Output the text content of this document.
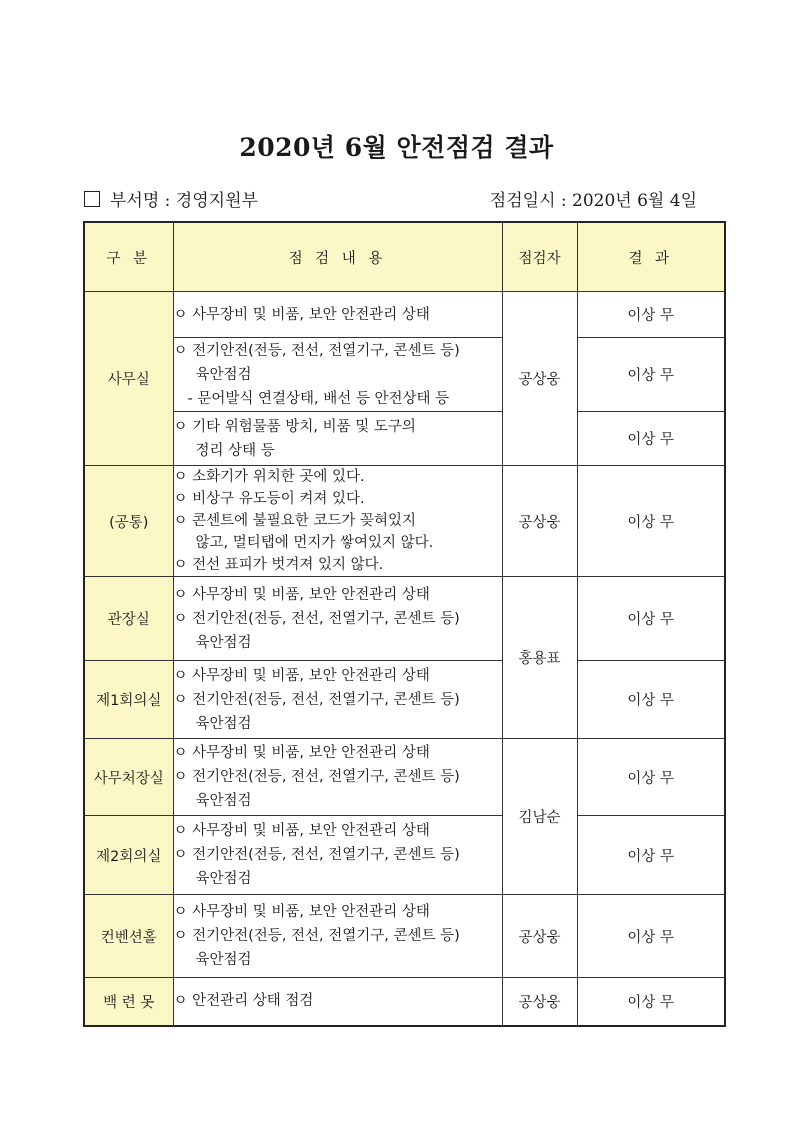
2020년 6월 안전점검 결과
부서명 : 경영지원부	점검일시 : 2020년 6월 4일
구 분	점 검 내 용	점검자	결 과
사무실	ㅇ 사무장비 및 비품, 보안 안전관리 상태	공상웅	이상 무

	ㅇ 전기안전(전등, 전선, 전열기구, 콘센트 등)
육안점검
- 문어발식 연결상태, 배선 등 안전상태 등		이상 무

	ㅇ 기타 위험물품 방치, 비품 및 도구의
정리 상태 등		이상 무
(공통)	ㅇ 소화기가 위치한 곳에 있다.
ㅇ 비상구 유도등이 켜져 있다.
ㅇ 콘센트에 불필요한 코드가 꽂혀있지
않고, 멀티탭에 먼지가 쌓여있지 않다.
ㅇ 전선 표피가 벗겨져 있지 않다.	공상웅	이상 무
관장실	ㅇ 사무장비 및 비품, 보안 안전관리 상태
ㅇ 전기안전(전등, 전선, 전열기구, 콘센트 등)
육안점검	홍용표	이상 무
제1회의실	ㅇ 사무장비 및 비품, 보안 안전관리 상태
ㅇ 전기안전(전등, 전선, 전열기구, 콘센트 등)
육안점검		이상 무
사무처장실	ㅇ 사무장비 및 비품, 보안 안전관리 상태
ㅇ 전기안전(전등, 전선, 전열기구, 콘센트 등)
육안점검	김남순	이상 무
제2회의실	ㅇ 사무장비 및 비품, 보안 안전관리 상태
ㅇ 전기안전(전등, 전선, 전열기구, 콘센트 등)
육안점검		이상 무
컨벤션홀	ㅇ 사무장비 및 비품, 보안 안전관리 상태
ㅇ 전기안전(전등, 전선, 전열기구, 콘센트 등)
육안점검	공상웅	이상 무
백 련 못	ㅇ 안전관리 상태 점검	공상웅	이상 무
